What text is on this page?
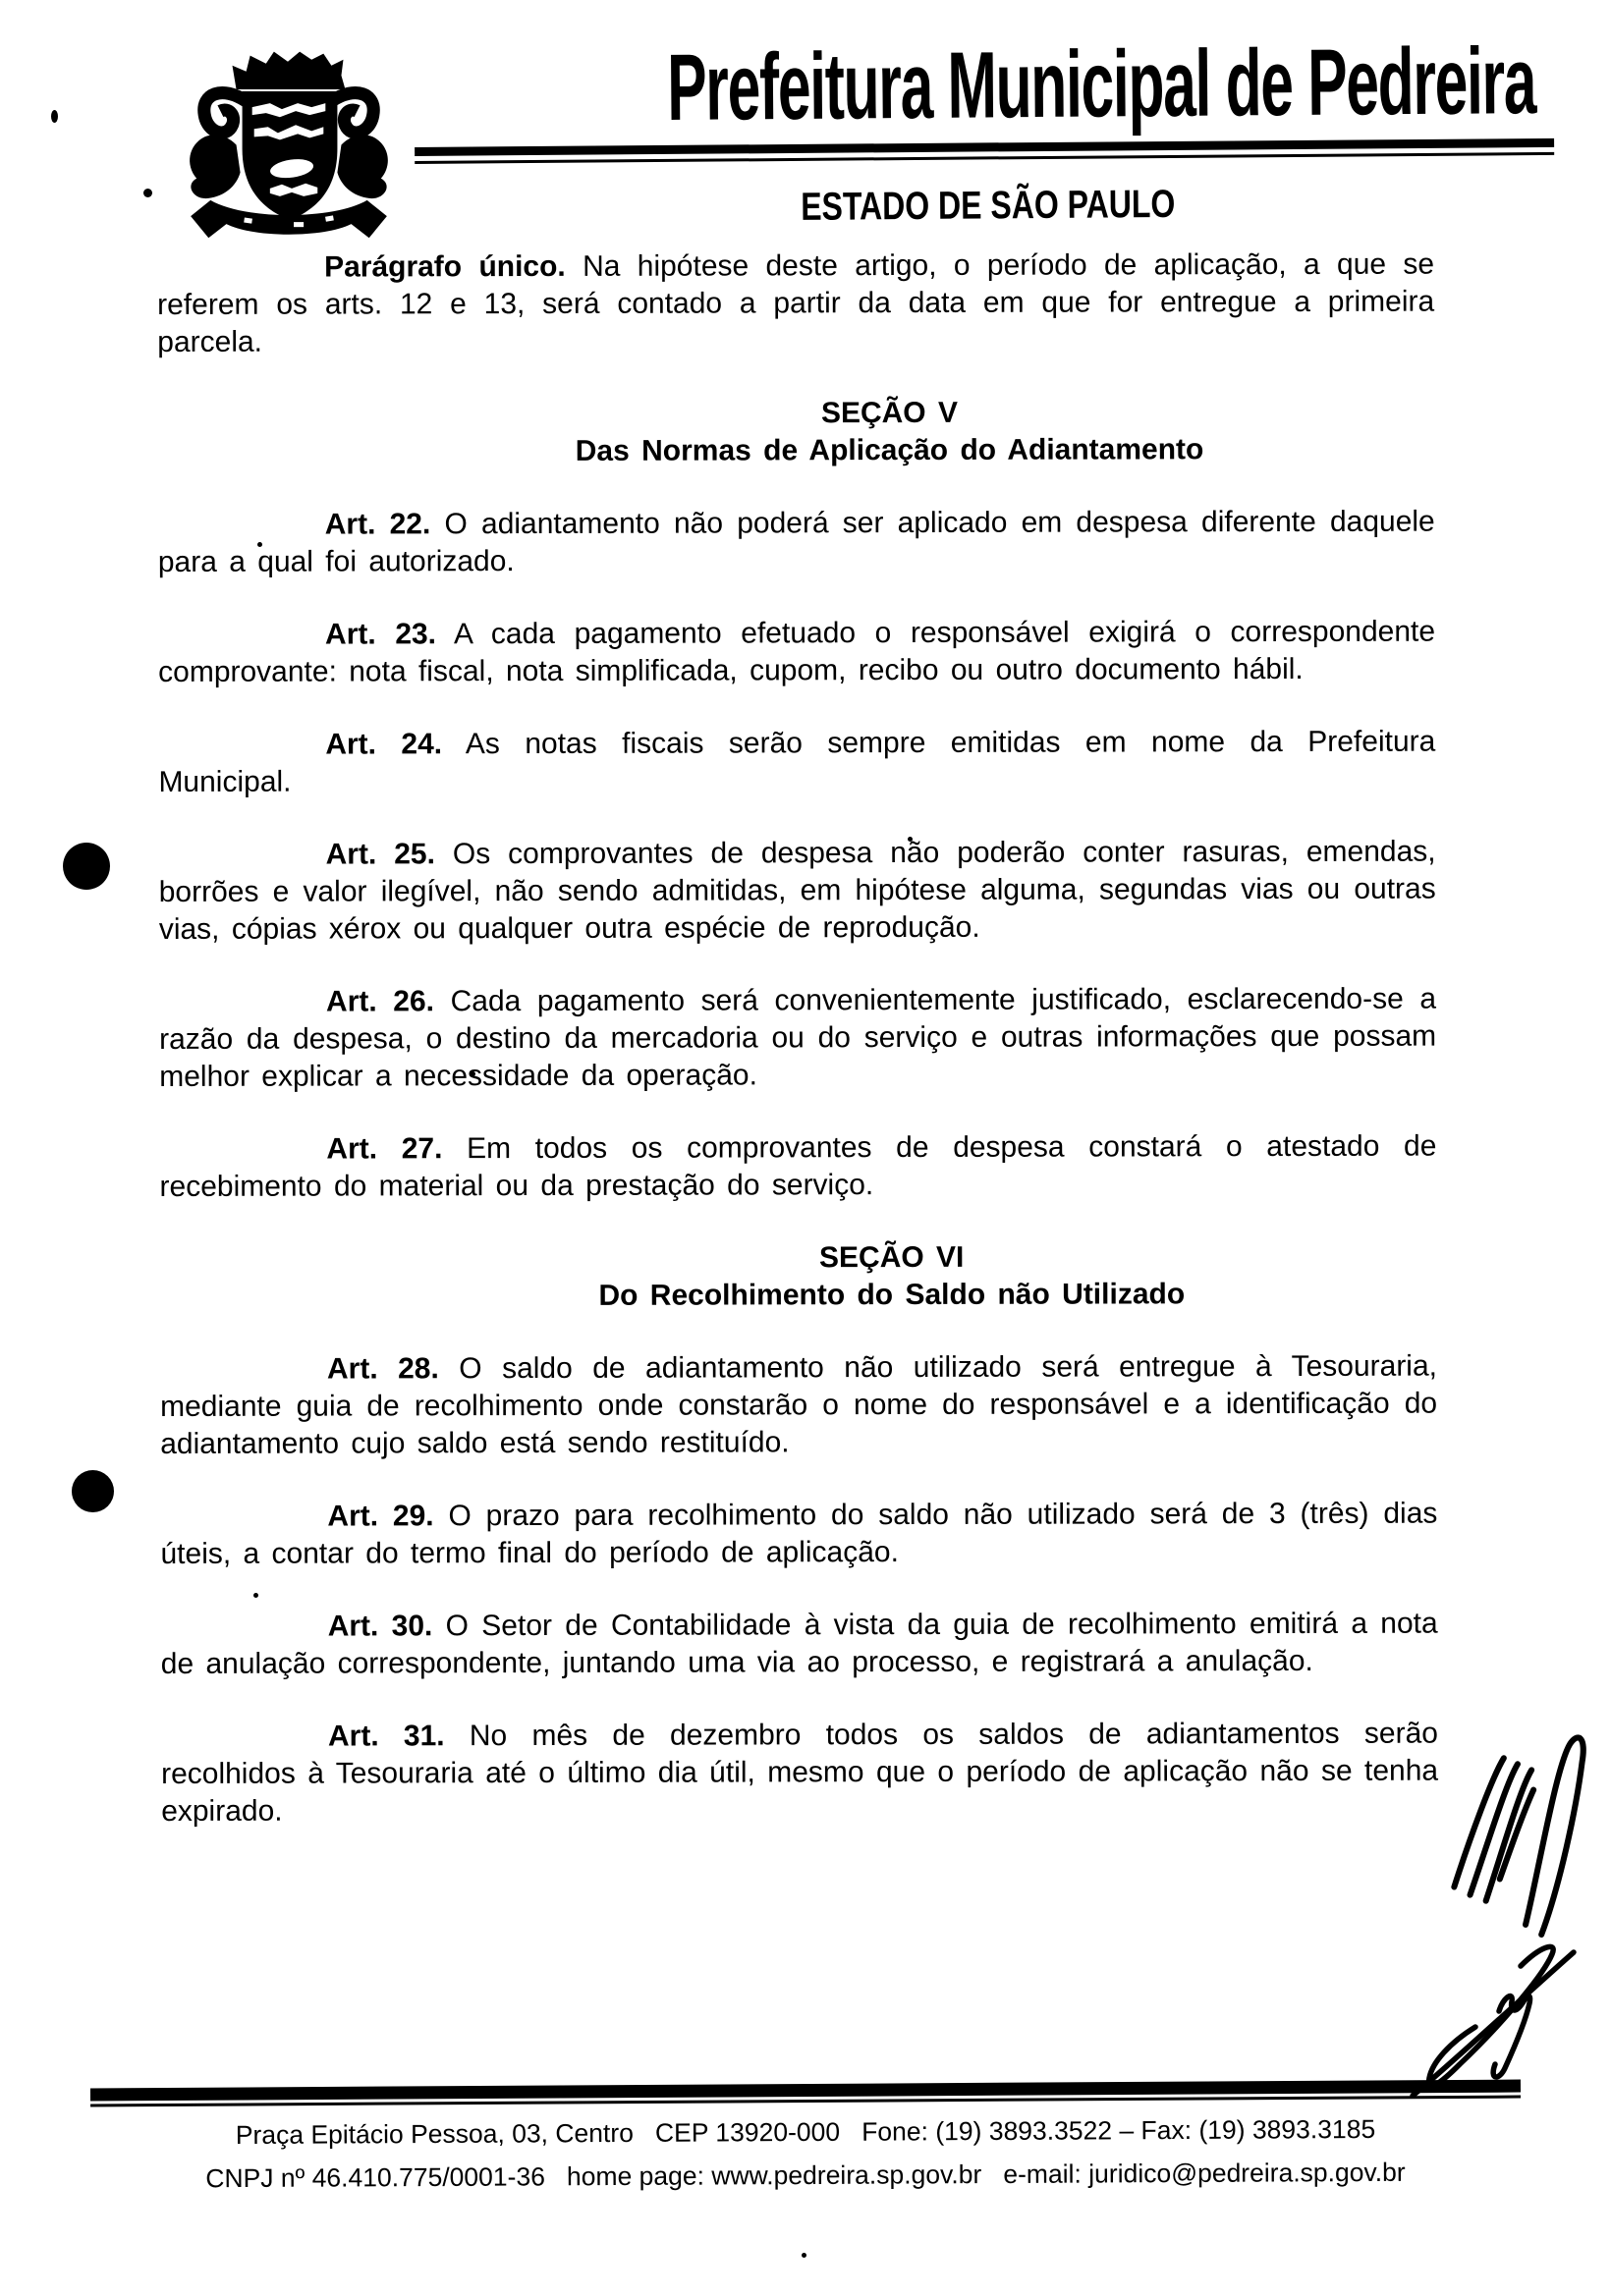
Prefeitura Municipal de Pedreira
ESTADO DE SÃO PAULO

Parágrafo único. Na hipótese deste artigo, o período de aplicação, a que se referem os arts. 12 e 13, será contado a partir da data em que for entregue a primeira parcela.

SEÇÃO V
Das Normas de Aplicação do Adiantamento

Art. 22. O adiantamento não poderá ser aplicado em despesa diferente daquele para a qual foi autorizado.

Art. 23. A cada pagamento efetuado o responsável exigirá o correspondente comprovante: nota fiscal, nota simplificada, cupom, recibo ou outro documento hábil.

Art. 24. As notas fiscais serão sempre emitidas em nome da Prefeitura Municipal.

Art. 25. Os comprovantes de despesa não poderão conter rasuras, emendas, borrões e valor ilegível, não sendo admitidas, em hipótese alguma, segundas vias ou outras vias, cópias xérox ou qualquer outra espécie de reprodução.

Art. 26. Cada pagamento será convenientemente justificado, esclarecendo-se a razão da despesa, o destino da mercadoria ou do serviço e outras informações que possam melhor explicar a necessidade da operação.

Art. 27. Em todos os comprovantes de despesa constará o atestado de recebimento do material ou da prestação do serviço.

SEÇÃO VI
Do Recolhimento do Saldo não Utilizado

Art. 28. O saldo de adiantamento não utilizado será entregue à Tesouraria, mediante guia de recolhimento onde constarão o nome do responsável e a identificação do adiantamento cujo saldo está sendo restituído.

Art. 29. O prazo para recolhimento do saldo não utilizado será de 3 (três) dias úteis, a contar do termo final do período de aplicação.

Art. 30. O Setor de Contabilidade à vista da guia de recolhimento emitirá a nota de anulação correspondente, juntando uma via ao processo, e registrará a anulação.

Art. 31. No mês de dezembro todos os saldos de adiantamentos serão recolhidos à Tesouraria até o último dia útil, mesmo que o período de aplicação não se tenha expirado.

Praça Epitácio Pessoa, 03, Centro   CEP 13920-000   Fone: (19) 3893.3522 – Fax: (19) 3893.3185
CNPJ nº 46.410.775/0001-36   home page: www.pedreira.sp.gov.br   e-mail: juridico@pedreira.sp.gov.br
